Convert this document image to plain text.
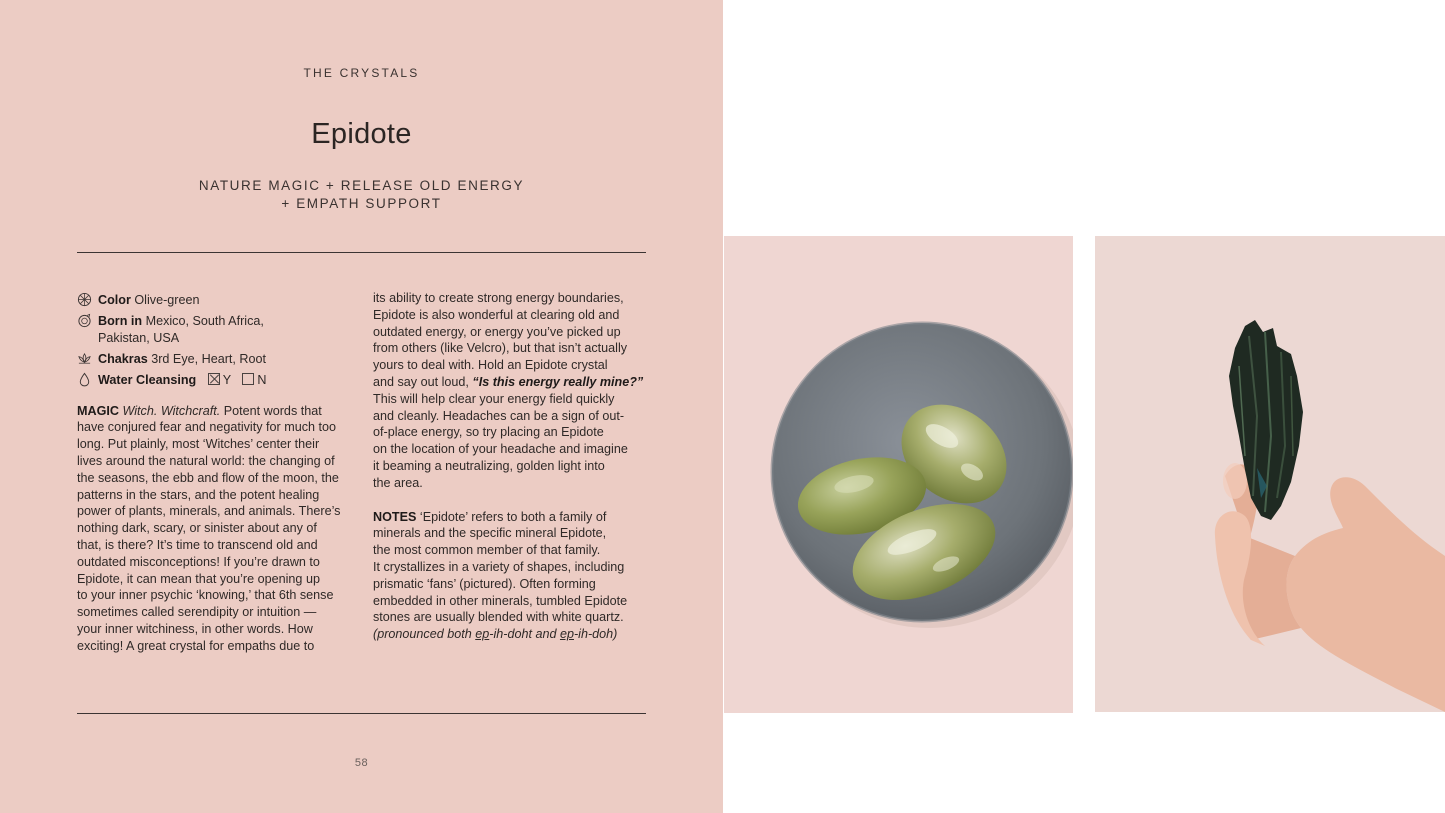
THE CRYSTALS
Epidote
NATURE MAGIC + RELEASE OLD ENERGY
+ EMPATH SUPPORT
Color Olive-green
Born in Mexico, South Africa,
Pakistan, USA
Chakras 3rd Eye, Heart, Root
Water Cleansing Y N
MAGIC Witch. Witchcraft. Potent words that
have conjured fear and negativity for much too
long. Put plainly, most ‘Witches’ center their
lives around the natural world: the changing of
the seasons, the ebb and flow of the moon, the
patterns in the stars, and the potent healing
power of plants, minerals, and animals. There’s
nothing dark, scary, or sinister about any of
that, is there? It’s time to transcend old and
outdated misconceptions! If you’re drawn to
Epidote, it can mean that you’re opening up
to your inner psychic ‘knowing,’ that 6th sense
sometimes called serendipity or intuition —
your inner witchiness, in other words. How
exciting! A great crystal for empaths due to
its ability to create strong energy boundaries,
Epidote is also wonderful at clearing old and
outdated energy, or energy you’ve picked up
from others (like Velcro), but that isn’t actually
yours to deal with. Hold an Epidote crystal
and say out loud, “Is this energy really mine?”
This will help clear your energy field quickly
and cleanly. Headaches can be a sign of out-
of-place energy, so try placing an Epidote
on the location of your headache and imagine
it beaming a neutralizing, golden light into
the area.
NOTES ‘Epidote’ refers to both a family of
minerals and the specific mineral Epidote,
the most common member of that family.
It crystallizes in a variety of shapes, including
prismatic ‘fans’ (pictured). Often forming
embedded in other minerals, tumbled Epidote
stones are usually blended with white quartz.
(pronounced both ep-ih-doht and ep-ih-doh)
58
